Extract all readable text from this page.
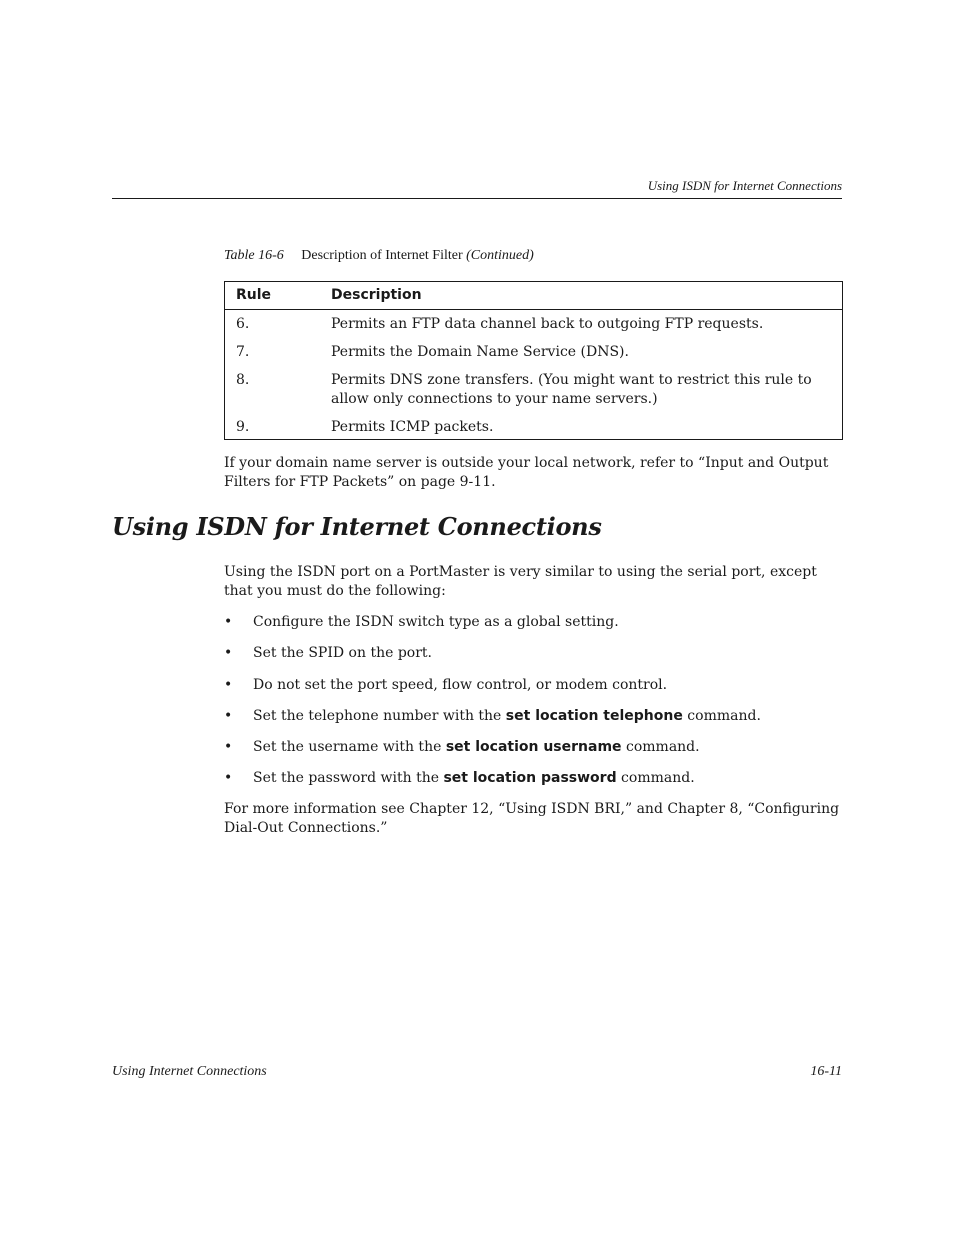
Using ISDN for Internet Connections
Table 16-6 Description of Internet Filter (Continued)
Rule	Description
6.	Permits an FTP data channel back to outgoing FTP requests.
7.	Permits the Domain Name Service (DNS).
8.	Permits DNS zone transfers. (You might want to restrict this rule to allow only connections to your name servers.)
9.	Permits ICMP packets.
If your domain name server is outside your local network, refer to “Input and Output Filters for FTP Packets” on page 9-11.
Using ISDN for Internet Connections
Using the ISDN port on a PortMaster is very similar to using the serial port, except that you must do the following:
• Configure the ISDN switch type as a global setting.
• Set the SPID on the port.
• Do not set the port speed, flow control, or modem control.
• Set the telephone number with the set location telephone command.
• Set the username with the set location username command.
• Set the password with the set location password command.
For more information see Chapter 12, “Using ISDN BRI,” and Chapter 8, “Configuring Dial-Out Connections.”
Using Internet Connections	16-11
